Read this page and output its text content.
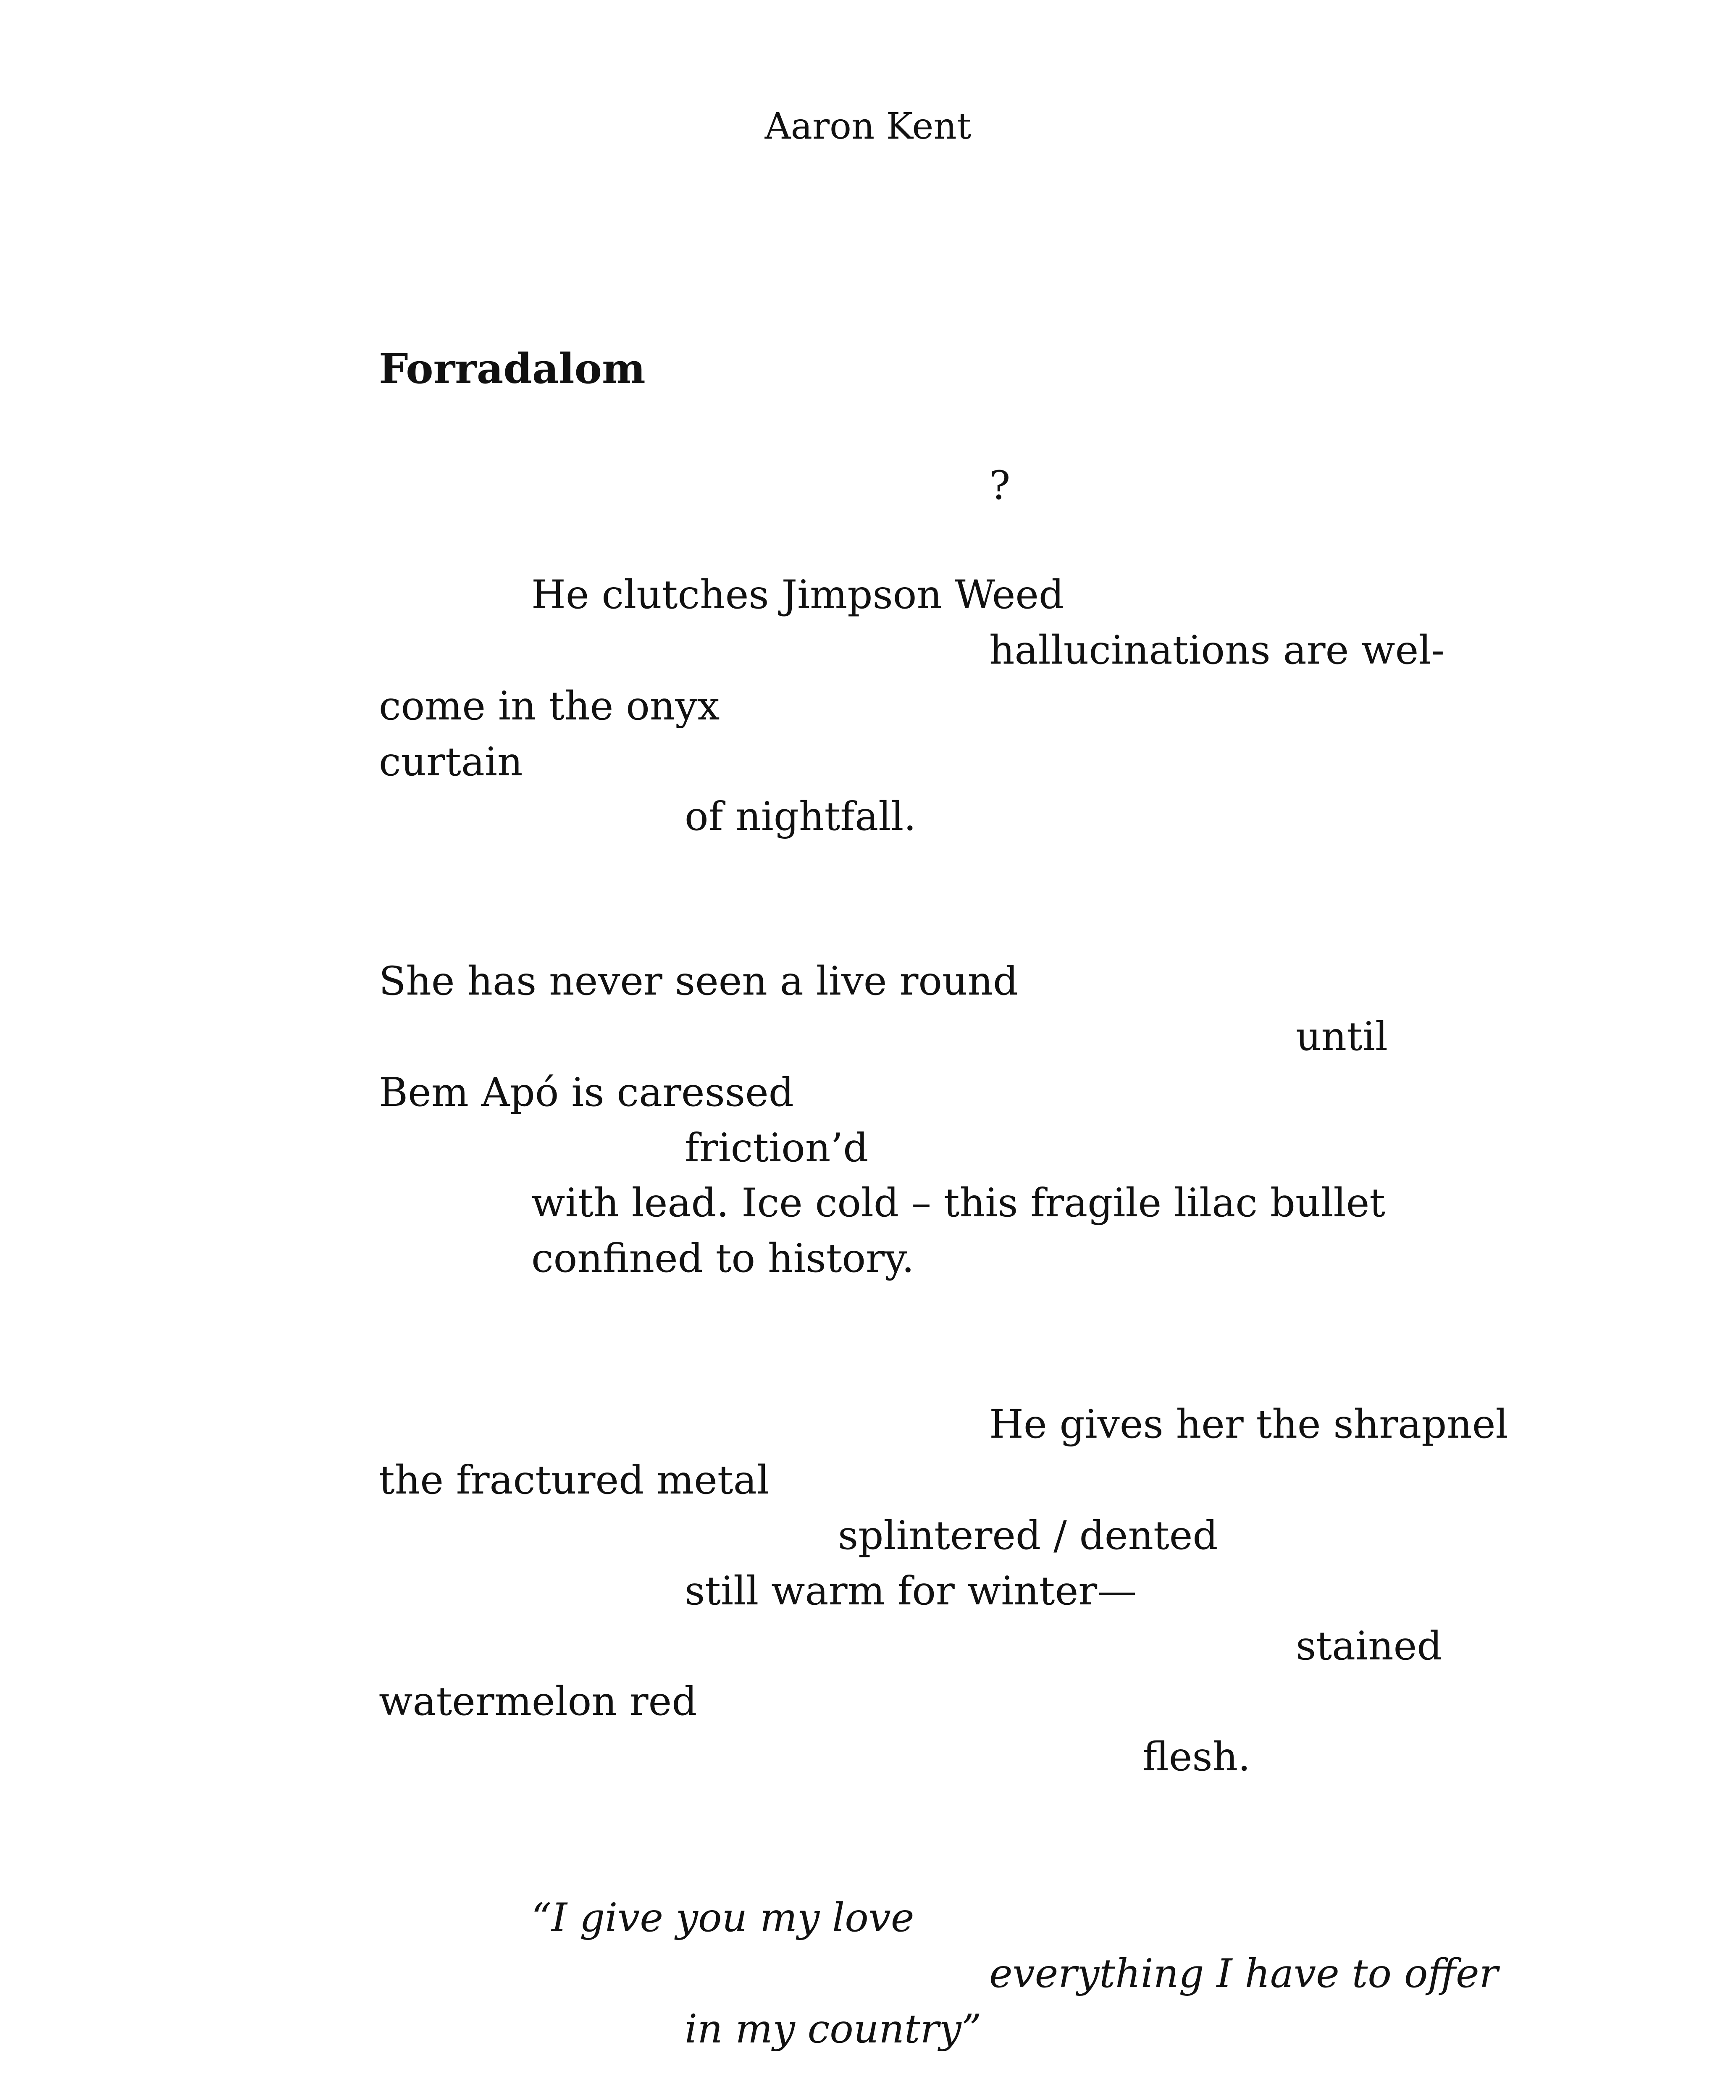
Aaron Kent
Forradalom
?
He clutches Jimpson Weed
hallucinations are wel-
come in the onyx
curtain
of nightfall.
She has never seen a live round
until
Bem Apó is caressed
friction’d
with lead. Ice cold – this fragile lilac bullet
confined to history.
He gives her the shrapnel
the fractured metal
splintered / dented
still warm for winter—
stained
watermelon red
flesh.
“I give you my love
everything I have to offer
in my country”
